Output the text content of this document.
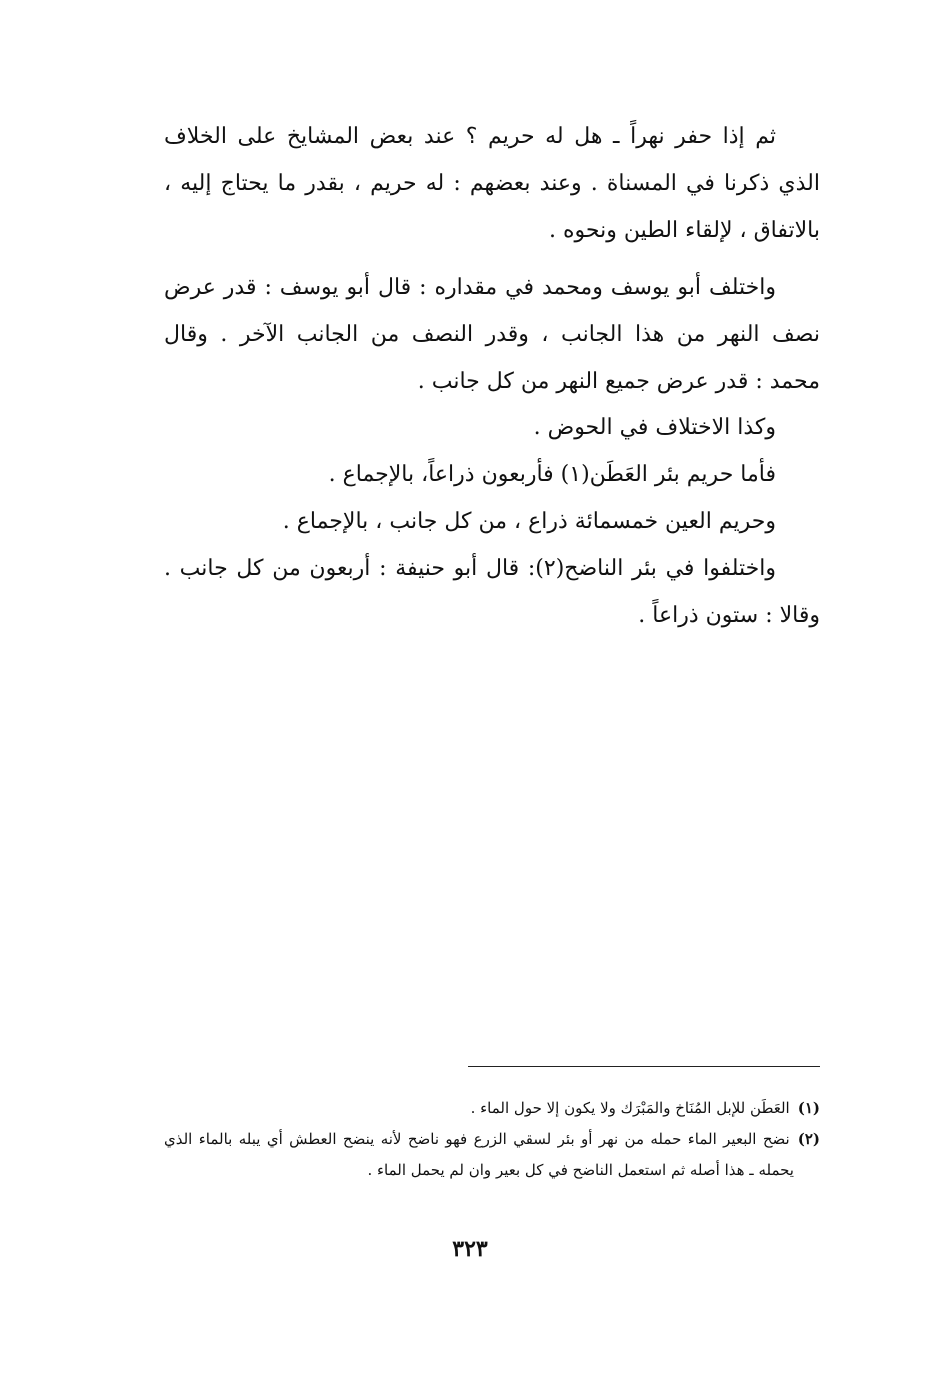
ثم إذا حفر نهراً ـ هل له حريم ؟ عند بعض المشايخ على الخلاف
الذي ذكرنا في المسناة . وعند بعضهم : له حريم ، بقدر ما يحتاج إليه ،
بالاتفاق ، لإلقاء الطين ونحوه .
واختلف أبو يوسف ومحمد في مقداره : قال أبو يوسف : قدر عرض
نصف النهر من هذا الجانب ، وقدر النصف من الجانب الآخر . وقال
محمد : قدر عرض جميع النهر من كل جانب .
وكذا الاختلاف في الحوض .
فأما حريم بئر العَطَن(١) فأربعون ذراعاً، بالإجماع .
وحريم العين خمسمائة ذراع ، من كل جانب ، بالإجماع .
واختلفوا في بئر الناضح(٢): قال أبو حنيفة : أربعون من كل جانب .
وقالا : ستون ذراعاً .
(١)العَطَن للإبل المُنَاخ والمَبْرَك ولا يكون إلا حول الماء .
(٢)نضح البعير الماء حمله من نهر أو بئر لسقي الزرع فهو ناضح لأنه ينضح العطش أي يبله بالماء الذي
يحمله ـ هذا أصله ثم استعمل الناضح في كل بعير وان لم يحمل الماء .
٣٢٣
